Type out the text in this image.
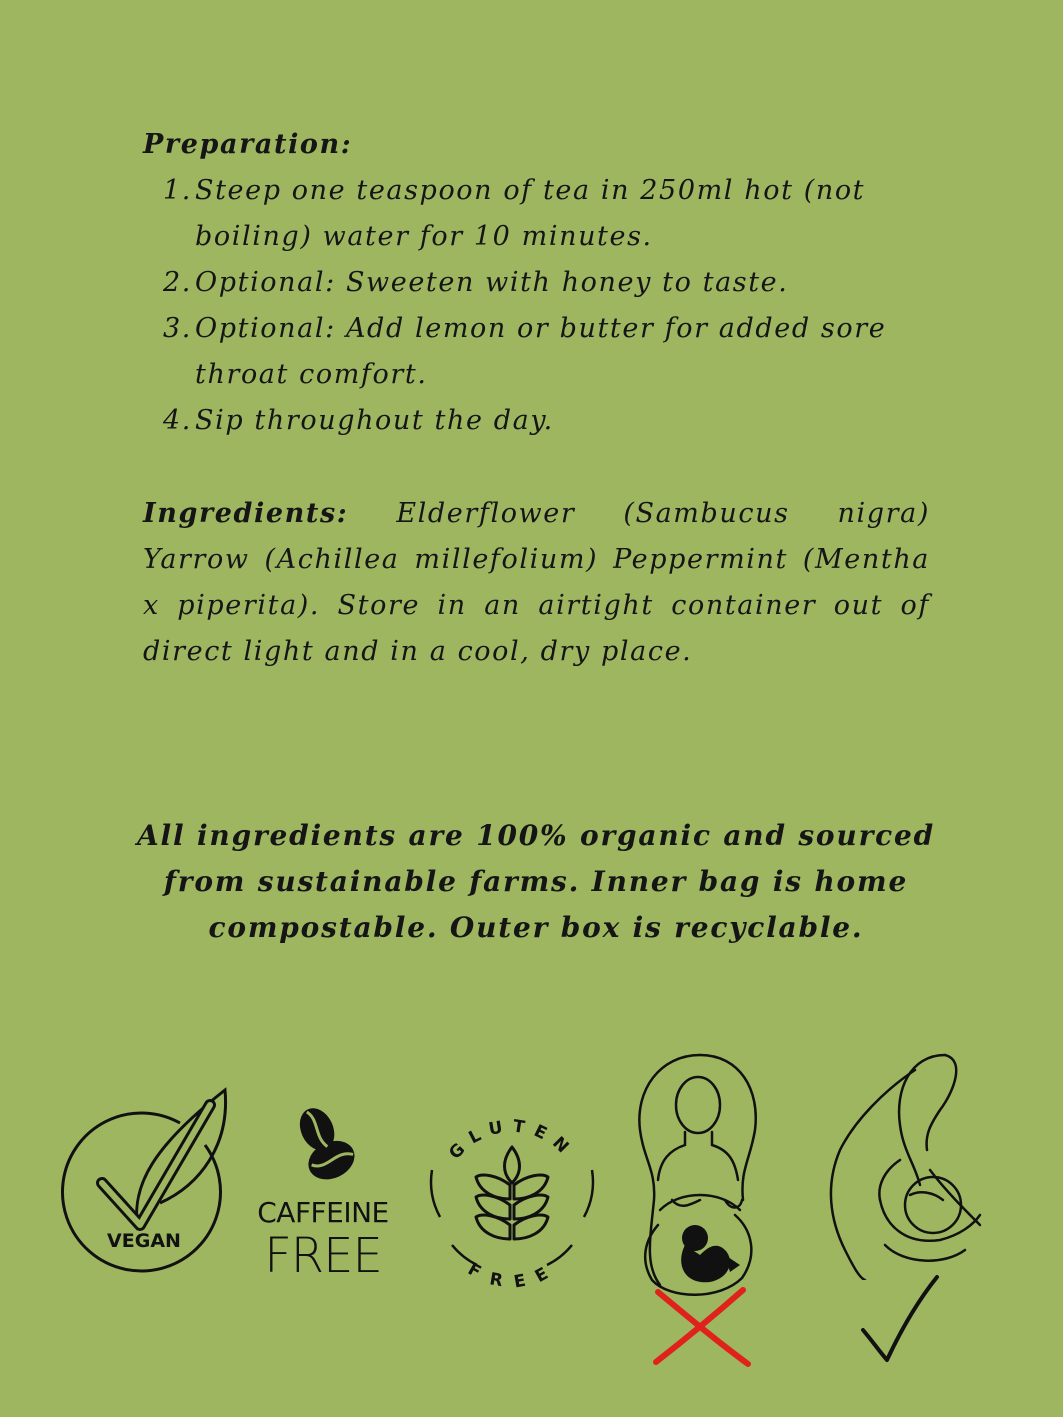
Preparation:
1. Steep one teaspoon of tea in 250ml hot (not boiling) water for 10 minutes.
2. Optional: Sweeten with honey to taste.
3. Optional: Add lemon or butter for added sore throat comfort.
4. Sip throughout the day.
Ingredients: Elderflower (Sambucus nigra) Yarrow (Achillea millefolium) Peppermint (Mentha x piperita). Store in an airtight container out of direct light and in a cool, dry place.
All ingredients are 100% organic and sourced from sustainable farms. Inner bag is home compostable. Outer box is recyclable.
VEGAN
CAFFEINE
FREE
GLUTEN
FREE
